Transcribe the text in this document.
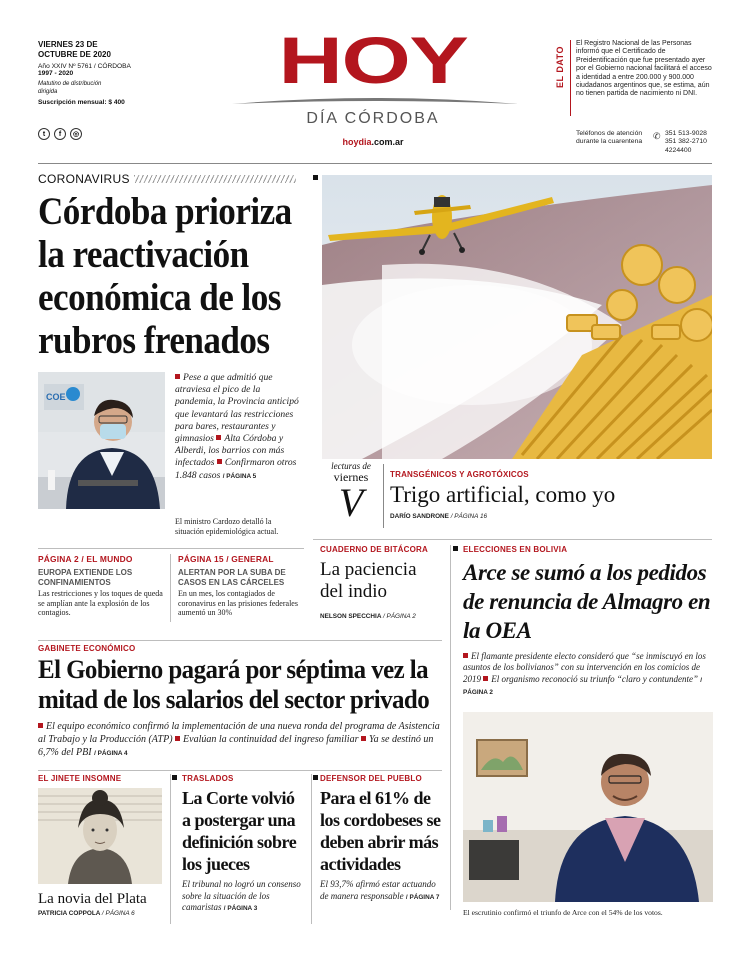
VIERNES 23 DE OCTUBRE DE 2020
Año XXIV Nº 5761 / CÓRDOBA
1997 - 2020
Matutino de distribución dirigida
Suscripción mensual: $ 400
t	f	◎
HOY
DÍA CÓRDOBA
hoydia.com.ar
EL DATO
El Registro Nacional de las Personas informó que el Certificado de Preidentificación que fue presentado ayer por el Gobierno nacional facilitará el acceso a identidad a entre 200.000 y 900.000 ciudadanos argentinos que, se estima, aún no tienen partida de nacimiento ni DNI.
Teléfonos de atención durante la cuarentena	✆ 351 513-9028
351 382-2710
4224400
CORONAVIRUS
Córdoba prioriza la reactivación económica de los rubros frenados
COE
Pese a que admitió que atraviesa el pico de la pandemia, la Provincia anticipó que levantará las restricciones para bares, restaurantes y gimnasios Alta Córdoba y Alberdi, los barrios con más infectados Confirmaron otros 1.848 casos / PÁGINA 5
El ministro Cardozo detalló la situación epidemiológica actual.
PÁGINA 2 / EL MUNDO
EUROPA EXTIENDE LOS CONFINAMIENTOS
Las restricciones y los toques de queda se amplían ante la explosión de los contagios.
PÁGINA 15 / GENERAL
ALERTAN POR LA SUBA DE CASOS EN LAS CÁRCELES
En un mes, los contagiados de coronavirus en las prisiones federales aumentó un 30%
lecturas de
viernes
V
TRANSGÉNICOS Y AGROTÓXICOS
Trigo artificial, como yo
DARÍO SANDRONE / PÁGINA 16
CUADERNO DE BITÁCORA
La paciencia del indio
NELSON SPECCHIA / PÁGINA 2
ELECCIONES EN BOLIVIA
Arce se sumó a los pedidos de renuncia de Almagro en la OEA
El flamante presidente electo consideró que “se inmiscuyó en los asuntos de los bolivianos” con su intervención en los comicios de 2019 El organismo reconoció su triunfo “claro y contundente” / PÁGINA 2
El escrutinio confirmó el triunfo de Arce con el 54% de los votos.
GABINETE ECONÓMICO
El Gobierno pagará por séptima vez la mitad de los salarios del sector privado
El equipo económico confirmó la implementación de una nueva ronda del programa de Asistencia al Trabajo y la Producción (ATP) Evalúan la continuidad del ingreso familiar Ya se destinó un 6,7% del PBI / PÁGINA 4
EL JINETE INSOMNE
La novia del Plata
PATRICIA COPPOLA / PÁGINA 6
TRASLADOS
La Corte volvió a postergar una definición sobre los jueces
El tribunal no logró un consenso sobre la situación de los camaristas / PÁGINA 3
DEFENSOR DEL PUEBLO
Para el 61% de los cordobeses se deben abrir más actividades
El 93,7% afirmó estar actuando de manera responsable / PÁGINA 7
